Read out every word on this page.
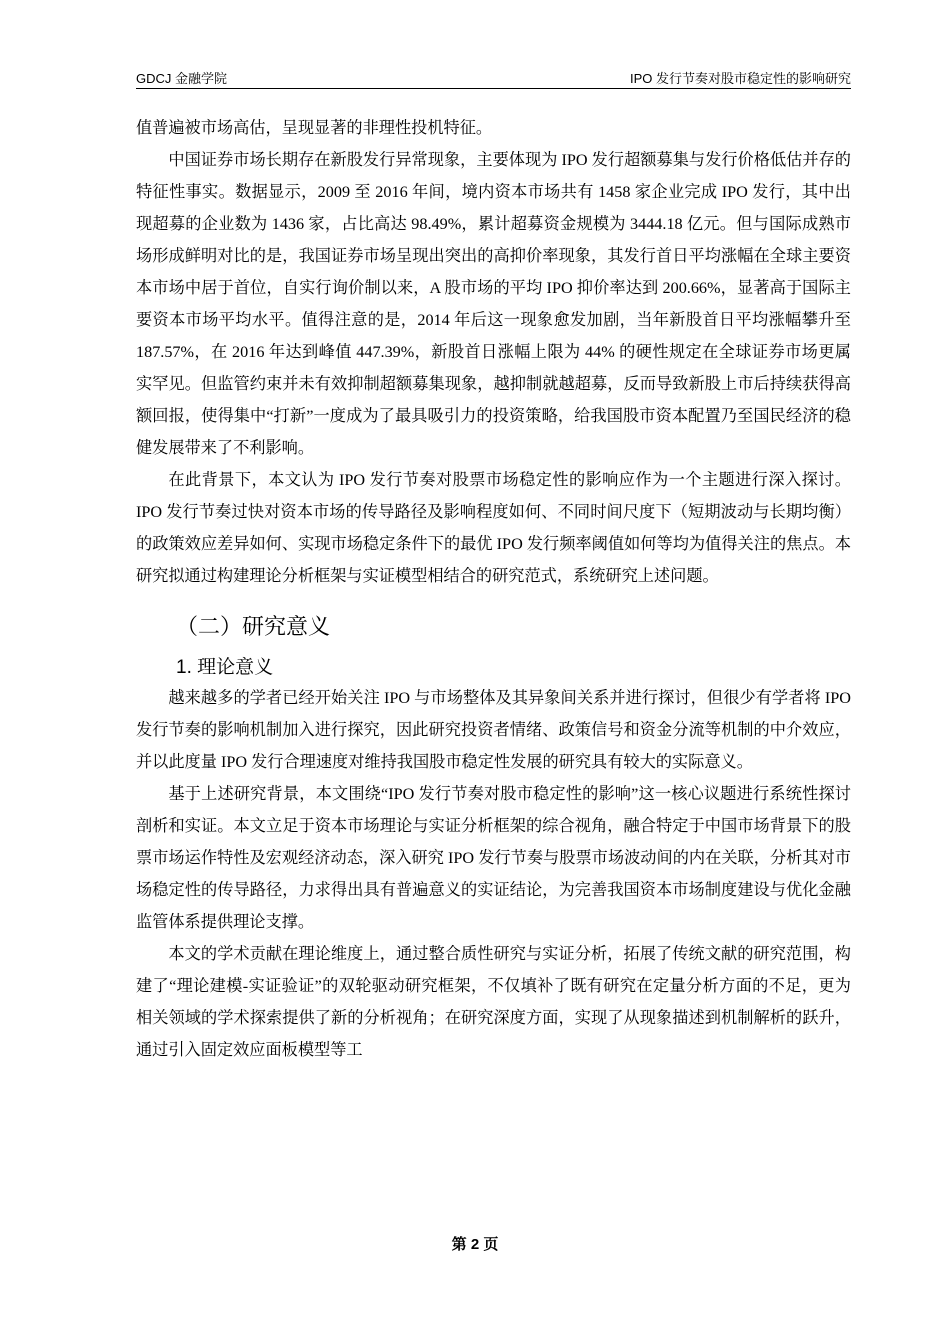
GDCJ 金融学院	IPO 发行节奏对股市稳定性的影响研究

值普遍被市场高估，呈现显著的非理性投机特征。

中国证券市场长期存在新股发行异常现象，主要体现为 IPO 发行超额募集与发行价格低估并存的特征性事实。数据显示，2009 至 2016 年间，境内资本市场共有 1458 家企业完成 IPO 发行，其中出现超募的企业数为 1436 家，占比高达 98.49%，累计超募资金规模为 3444.18 亿元。但与国际成熟市场形成鲜明对比的是，我国证券市场呈现出突出的高抑价率现象，其发行首日平均涨幅在全球主要资本市场中居于首位，自实行询价制以来，A 股市场的平均 IPO 抑价率达到 200.66%，显著高于国际主要资本市场平均水平。值得注意的是，2014 年后这一现象愈发加剧，当年新股首日平均涨幅攀升至 187.57%，在 2016 年达到峰值 447.39%，新股首日涨幅上限为 44% 的硬性规定在全球证券市场更属实罕见。但监管约束并未有效抑制超额募集现象，越抑制就越超募，反而导致新股上市后持续获得高额回报，使得集中“打新”一度成为了最具吸引力的投资策略，给我国股市资本配置乃至国民经济的稳健发展带来了不利影响。

在此背景下，本文认为 IPO 发行节奏对股票市场稳定性的影响应作为一个主题进行深入探讨。IPO 发行节奏过快对资本市场的传导路径及影响程度如何、不同时间尺度下（短期波动与长期均衡）的政策效应差异如何、实现市场稳定条件下的最优 IPO 发行频率阈值如何等均为值得关注的焦点。本研究拟通过构建理论分析框架与实证模型相结合的研究范式，系统研究上述问题。

（二）研究意义
1. 理论意义

越来越多的学者已经开始关注 IPO 与市场整体及其异象间关系并进行探讨，但很少有学者将 IPO 发行节奏的影响机制加入进行探究，因此研究投资者情绪、政策信号和资金分流等机制的中介效应，并以此度量 IPO 发行合理速度对维持我国股市稳定性发展的研究具有较大的实际意义。

基于上述研究背景，本文围绕“IPO 发行节奏对股市稳定性的影响”这一核心议题进行系统性探讨剖析和实证。本文立足于资本市场理论与实证分析框架的综合视角，融合特定于中国市场背景下的股票市场运作特性及宏观经济动态，深入研究 IPO 发行节奏与股票市场波动间的内在关联，分析其对市场稳定性的传导路径，力求得出具有普遍意义的实证结论，为完善我国资本市场制度建设与优化金融监管体系提供理论支撑。

本文的学术贡献在理论维度上，通过整合质性研究与实证分析，拓展了传统文献的研究范围，构建了“理论建模-实证验证”的双轮驱动研究框架，不仅填补了既有研究在定量分析方面的不足，更为相关领域的学术探索提供了新的分析视角；在研究深度方面，实现了从现象描述到机制解析的跃升，通过引入固定效应面板模型等工

第 2 页
